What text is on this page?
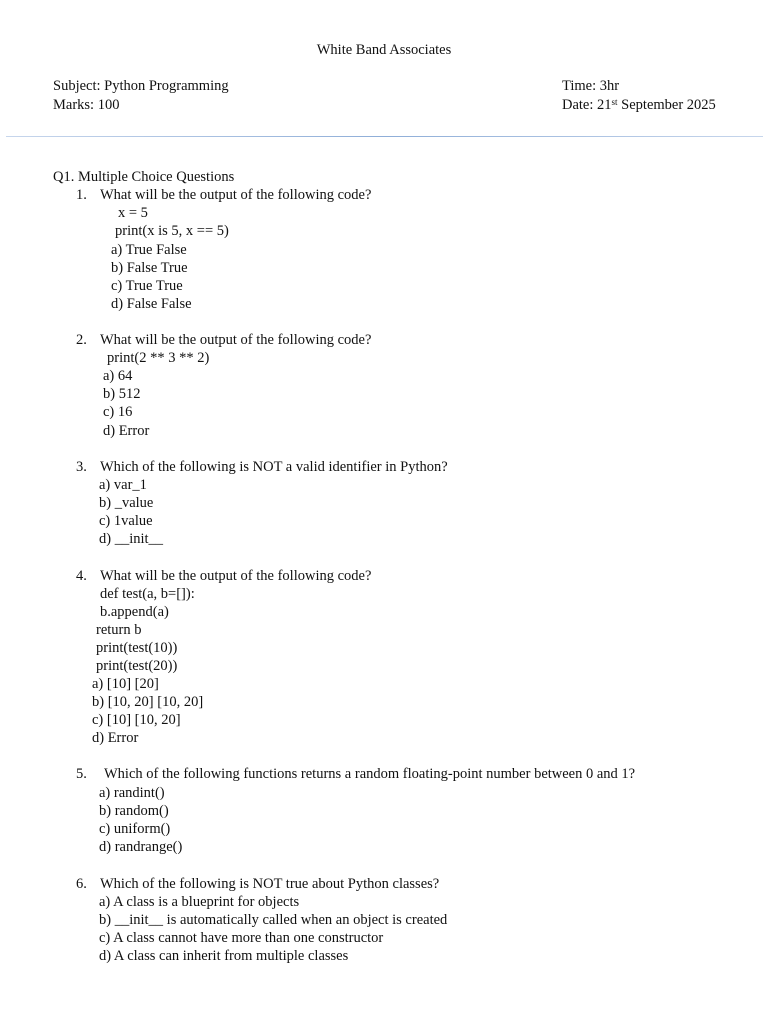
White Band Associates
Subject: Python Programming
Marks: 100
Time: 3hr
Date: 21st September 2025
Q1. Multiple Choice Questions
1. What will be the output of the following code?
x = 5
print(x is 5, x == 5)
a) True False
b) False True
c) True True
d) False False
2. What will be the output of the following code?
print(2 ** 3 ** 2)
a) 64
b) 512
c) 16
d) Error
3. Which of the following is NOT a valid identifier in Python?
a) var_1
b) _value
c) 1value
d) __init__
4. What will be the output of the following code?
def test(a, b=[]):
b.append(a)
return b
print(test(10))
print(test(20))
a) [10] [20]
b) [10, 20] [10, 20]
c) [10] [10, 20]
d) Error
5. Which of the following functions returns a random floating-point number between 0 and 1?
a) randint()
b) random()
c) uniform()
d) randrange()
6. Which of the following is NOT true about Python classes?
a) A class is a blueprint for objects
b) __init__ is automatically called when an object is created
c) A class cannot have more than one constructor
d) A class can inherit from multiple classes
